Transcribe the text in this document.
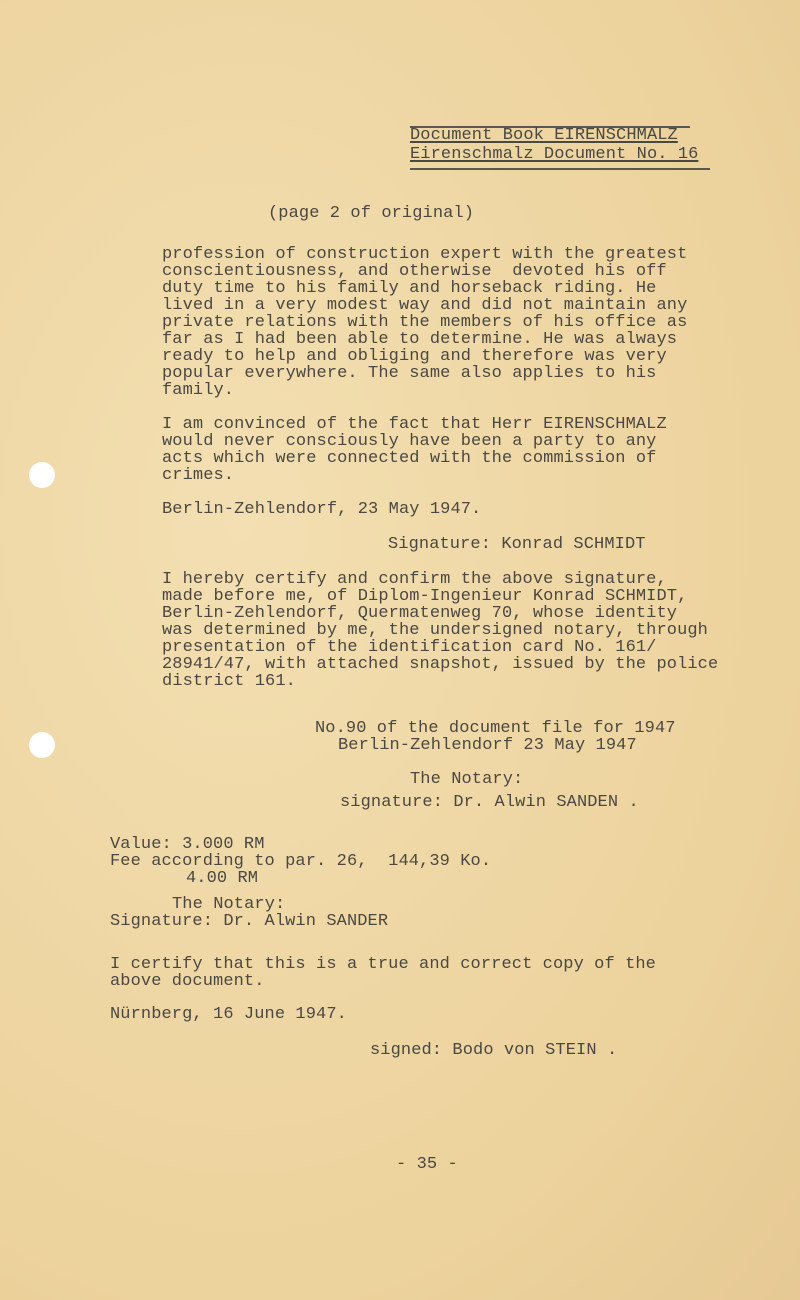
Document Book EIRENSCHMALZ
Eirenschmalz Document No. 16
(page 2 of original)
profession of construction expert with the greatest
conscientiousness, and otherwise  devoted his off
duty time to his family and horseback riding. He
lived in a very modest way and did not maintain any
private relations with the members of his office as
far as I had been able to determine. He was always
ready to help and obliging and therefore was very
popular everywhere. The same also applies to his
family.
I am convinced of the fact that Herr EIRENSCHMALZ
would never consciously have been a party to any
acts which were connected with the commission of
crimes.
Berlin-Zehlendorf, 23 May 1947.
Signature: Konrad SCHMIDT
I hereby certify and confirm the above signature,
made before me, of Diplom-Ingenieur Konrad SCHMIDT,
Berlin-Zehlendorf, Quermatenweg 70, whose identity
was determined by me, the undersigned notary, through
presentation of the identification card No. 161/
28941/47, with attached snapshot, issued by the police
district 161.
No.90 of the document file for 1947
Berlin-Zehlendorf 23 May 1947
The Notary:
signature: Dr. Alwin SANDEN .
Value: 3.000 RM
Fee according to par. 26,  144,39 Ko.
4.00 RM
The Notary:
Signature: Dr. Alwin SANDER
I certify that this is a true and correct copy of the
above document.
Nürnberg, 16 June 1947.
signed: Bodo von STEIN .
- 35 -
